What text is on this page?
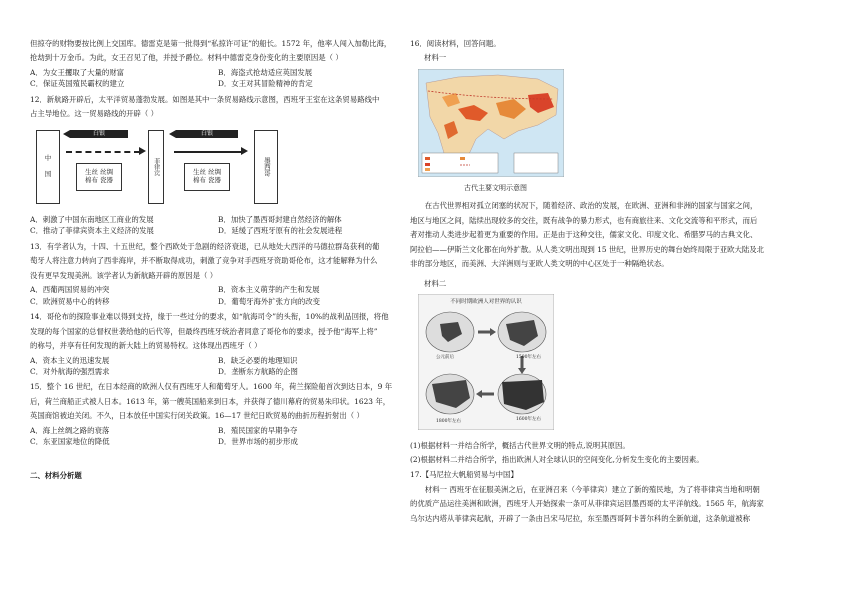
但掠夺的财物要按比例上交国库。德雷克是第一批得到“私掠许可证”的船长。1572 年，他率人闯入加勒比海，

抢劫到十万金币。为此，女王召见了他，并授予爵位。材料中德雷克身份变化的主要原因是（ ）

A．为女王攫取了大量的财富	B．海盗式抢劫适应英国发展
C．保证英国殖民霸权的建立	D．女王对其冒险精神的肯定

12．新航路开辟后，太平洋贸易蓬勃发展。如图是其中一条贸易路线示意图，西班牙王室在这条贸易路线中

占主导地位。这一贸易路线的开辟（ ）

中

国
白银
生丝 丝绸
棉布 瓷器
菲律宾
白银
生丝 丝绸
棉布 瓷器
墨西哥
A．刺激了中国东南地区工商业的发展	B．加快了墨西哥封建自然经济的解体
C．推动了菲律宾资本主义经济的发展	D．延缓了西班牙原有的社会发展进程

13．有学者认为，十四、十五世纪，整个西欧处于急剧的经济衰退，已从地处大西洋的马德拉群岛获利的葡

萄牙人将注意力转向了西非海岸，并不断取得成功，刺激了竞争对手西班牙资助哥伦布，这才能解释为什么

没有更早发现美洲。该学者认为新航路开辟的原因是（ ）

A．西葡两国贸易的冲突	B．资本主义萌芽的产生和发展
C．欧洲贸易中心的转移	D．葡萄牙海外扩张方向的改变

14．哥伦布的探险事业难以得到支持，缘于一些过分的要求，如“航海司令”的头衔，10%的战利品回报，将他

发现的每个国家的总督权世袭给他的后代等，但最终西班牙统治者同意了哥伦布的要求，授予他“海军上将”

的称号，并享有任何发现的新大陆上的贸易特权。这体现出西班牙（ ）

A．资本主义的迅速发展	B．缺乏必要的地理知识
C．对外航海的强烈需求	D．垄断东方航路的企图

15．整个 16 世纪，在日本经商的欧洲人仅有西班牙人和葡萄牙人。1600 年，荷兰探险船首次到达日本，9 年

后，荷兰商船正式被人日本。1613 年，第一艘英国船来到日本，并获得了德川幕府的贸易朱印状。1623 年，

英国商馆被迫关闭。不久，日本放任中国实行闭关政策。16—17 世纪日欧贸易的曲折历程折射出（ ）

A．海上丝绸之路的衰落	B．殖民国家的早期争夺
C．东亚国家地位的降低	D．世界市场的初步形成

二、材料分析题

16．阅读材料，回答问题。

材料一

古代主要文明示意图

在古代世界相对孤立闭塞的状况下，随着经济、政治的发展，在欧洲、亚洲和非洲的国家与国家之间，

地区与地区之间，陆续出现较多的交往，既有战争的暴力形式，也有商旅往来、文化交流等和平形式，而后

者对推动人类进步起着更为重要的作用。正是由于这种交往，儒家文化、印度文化、希腊罗马的古典文化、

阿拉伯——伊斯兰文化都在向外扩散。从人类文明出现到 15 世纪，世界历史的舞台始终局限于亚欧大陆及北

非的部分地区，而美洲、大洋洲则与亚欧人类文明的中心区处于一种隔绝状态。

材料二

不同时期欧洲人对世界的认识
公元前后	1500年左右
1600年左右
1800年左右

(1)根据材料一并结合所学，概括古代世界文明的特点,说明其原因。

(2)根据材料二并结合所学，指出欧洲人对全球认识的空间变化,分析发生变化的主要因素。

17.【马尼拉大帆船贸易与中国】

材料一 西班牙在征服美洲之后，在亚洲召来（今菲律宾）建立了新的殖民地，为了将菲律宾当地和明朝

的优质产品运往美洲和欧洲，西班牙人开始探索一条可从菲律宾运回墨西哥的太平洋航线。1565 年，航海家

乌尔达内塔从菲律宾起航，开辟了一条由吕宋马尼拉，东至墨西哥阿卡普尔科的全新航道，这条航道被称
